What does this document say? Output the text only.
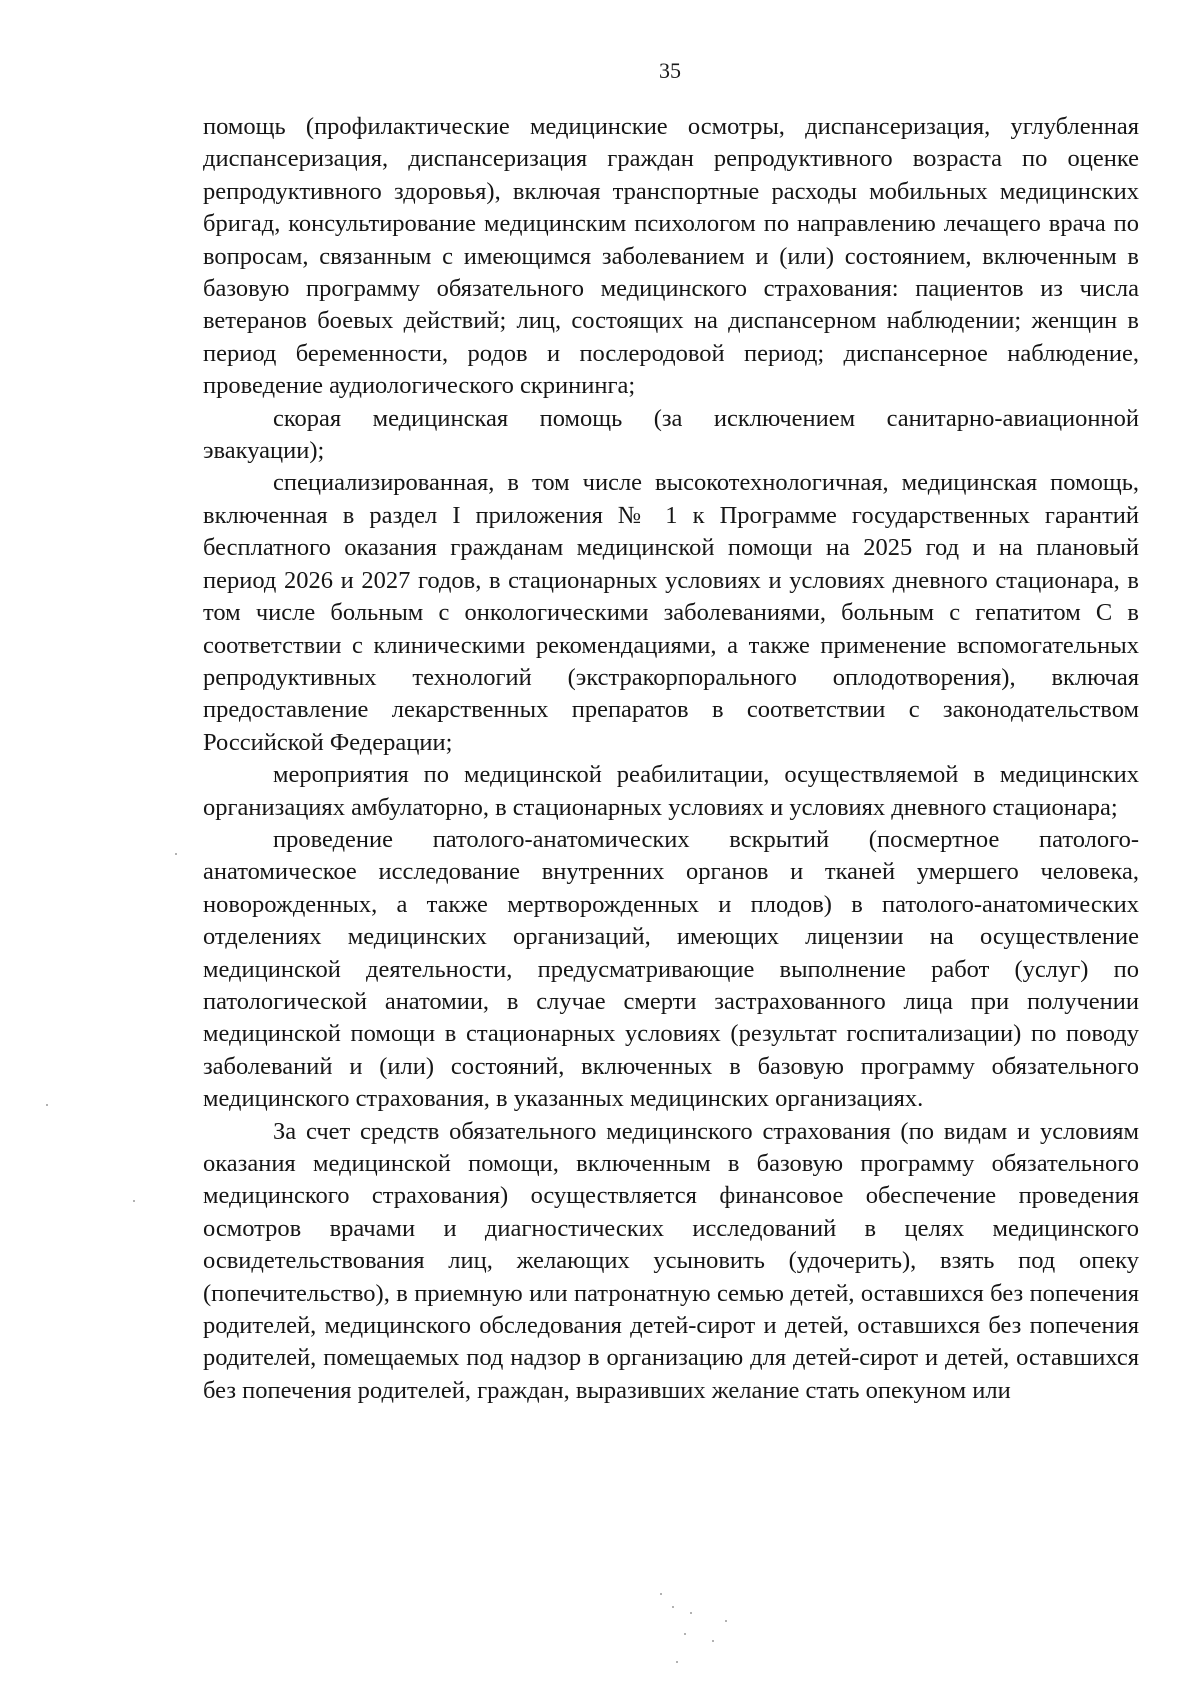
35

помощь (профилактические медицинские осмотры, диспансеризация, углубленная диспансеризация, диспансеризация граждан репродуктивного возраста по оценке репродуктивного здоровья), включая транспортные расходы мобильных медицинских бригад, консультирование медицинским психологом по направлению лечащего врача по вопросам, связанным с имеющимся заболеванием и (или) состоянием, включенным в базовую программу обязательного медицинского страхования: пациентов из числа ветеранов боевых действий; лиц, состоящих на диспансерном наблюдении; женщин в период беременности, родов и послеродовой период; диспансерное наблюдение, проведение аудиологического скрининга;

скорая медицинская помощь (за исключением санитарно-авиационной эвакуации);

специализированная, в том числе высокотехнологичная, медицинская помощь, включенная в раздел I приложения № 1 к Программе государственных гарантий бесплатного оказания гражданам медицинской помощи на 2025 год и на плановый период 2026 и 2027 годов, в стационарных условиях и условиях дневного стационара, в том числе больным с онкологическими заболеваниями, больным с гепатитом С в соответствии с клиническими рекомендациями, а также применение вспомогательных репродуктивных технологий (экстракорпорального оплодотворения), включая предоставление лекарственных препаратов в соответствии с законодательством Российской Федерации;

мероприятия по медицинской реабилитации, осуществляемой в медицинских организациях амбулаторно, в стационарных условиях и условиях дневного стационара;

проведение патолого-анатомических вскрытий (посмертное патолого-анатомическое исследование внутренних органов и тканей умершего человека, новорожденных, а также мертворожденных и плодов) в патолого-анатомических отделениях медицинских организаций, имеющих лицензии на осуществление медицинской деятельности, предусматривающие выполнение работ (услуг) по патологической анатомии, в случае смерти застрахованного лица при получении медицинской помощи в стационарных условиях (результат госпитализации) по поводу заболеваний и (или) состояний, включенных в базовую программу обязательного медицинского страхования, в указанных медицинских организациях.

За счет средств обязательного медицинского страхования (по видам и условиям оказания медицинской помощи, включенным в базовую программу обязательного медицинского страхования) осуществляется финансовое обеспечение проведения осмотров врачами и диагностических исследований в целях медицинского освидетельствования лиц, желающих усыновить (удочерить), взять под опеку (попечительство), в приемную или патронатную семью детей, оставшихся без попечения родителей, медицинского обследования детей-сирот и детей, оставшихся без попечения родителей, помещаемых под надзор в организацию для детей-сирот и детей, оставшихся без попечения родителей, граждан, выразивших желание стать опекуном или
